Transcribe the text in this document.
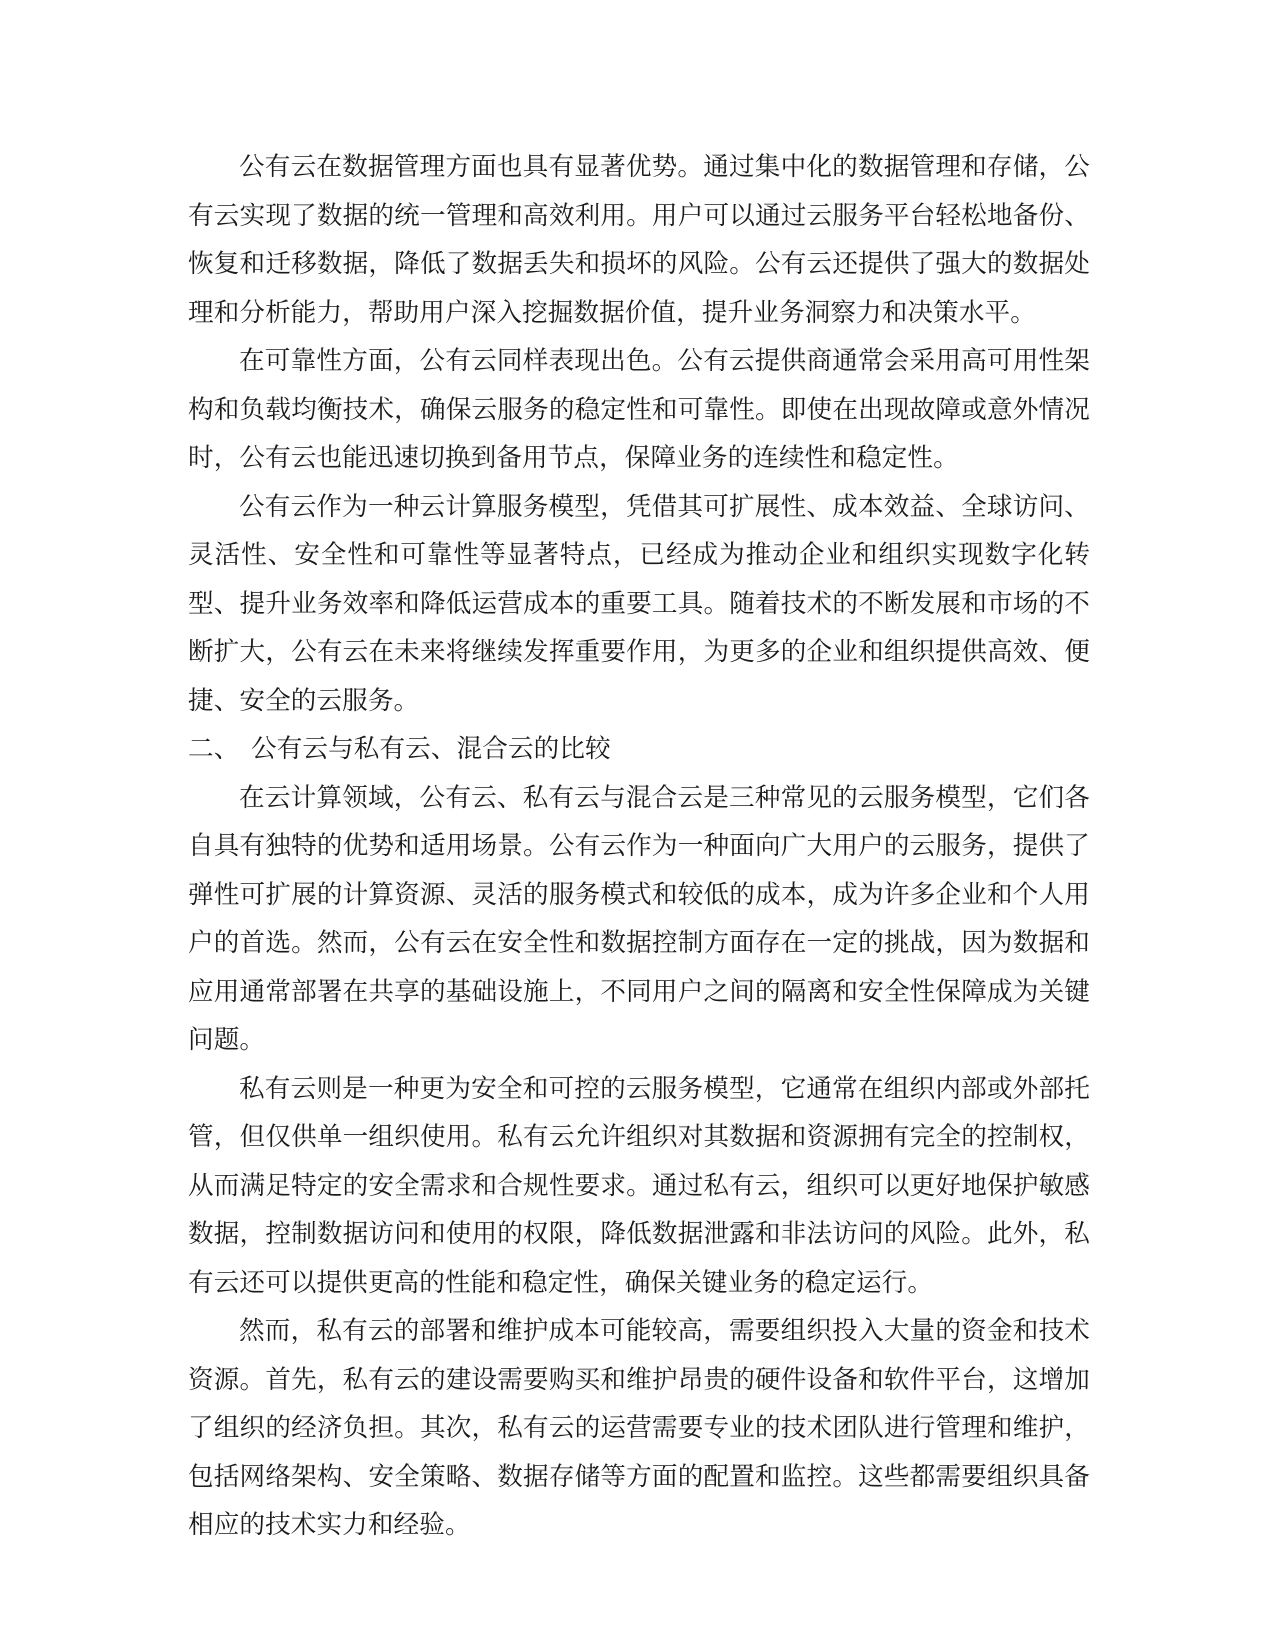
公有云在数据管理方面也具有显著优势。通过集中化的数据管理和存储，公有云实现了数据的统一管理和高效利用。用户可以通过云服务平台轻松地备份、恢复和迁移数据，降低了数据丢失和损坏的风险。公有云还提供了强大的数据处理和分析能力，帮助用户深入挖掘数据价值，提升业务洞察力和决策水平。

在可靠性方面，公有云同样表现出色。公有云提供商通常会采用高可用性架构和负载均衡技术，确保云服务的稳定性和可靠性。即使在出现故障或意外情况时，公有云也能迅速切换到备用节点，保障业务的连续性和稳定性。

公有云作为一种云计算服务模型，凭借其可扩展性、成本效益、全球访问、灵活性、安全性和可靠性等显著特点，已经成为推动企业和组织实现数字化转型、提升业务效率和降低运营成本的重要工具。随着技术的不断发展和市场的不断扩大，公有云在未来将继续发挥重要作用，为更多的企业和组织提供高效、便捷、安全的云服务。

二、 公有云与私有云、混合云的比较

在云计算领域，公有云、私有云与混合云是三种常见的云服务模型，它们各自具有独特的优势和适用场景。公有云作为一种面向广大用户的云服务，提供了弹性可扩展的计算资源、灵活的服务模式和较低的成本，成为许多企业和个人用户的首选。然而，公有云在安全性和数据控制方面存在一定的挑战，因为数据和应用通常部署在共享的基础设施上，不同用户之间的隔离和安全性保障成为关键问题。

私有云则是一种更为安全和可控的云服务模型，它通常在组织内部或外部托管，但仅供单一组织使用。私有云允许组织对其数据和资源拥有完全的控制权，从而满足特定的安全需求和合规性要求。通过私有云，组织可以更好地保护敏感数据，控制数据访问和使用的权限，降低数据泄露和非法访问的风险。此外，私有云还可以提供更高的性能和稳定性，确保关键业务的稳定运行。

然而，私有云的部署和维护成本可能较高，需要组织投入大量的资金和技术资源。首先，私有云的建设需要购买和维护昂贵的硬件设备和软件平台，这增加了组织的经济负担。其次，私有云的运营需要专业的技术团队进行管理和维护，包括网络架构、安全策略、数据存储等方面的配置和监控。这些都需要组织具备相应的技术实力和经验。
